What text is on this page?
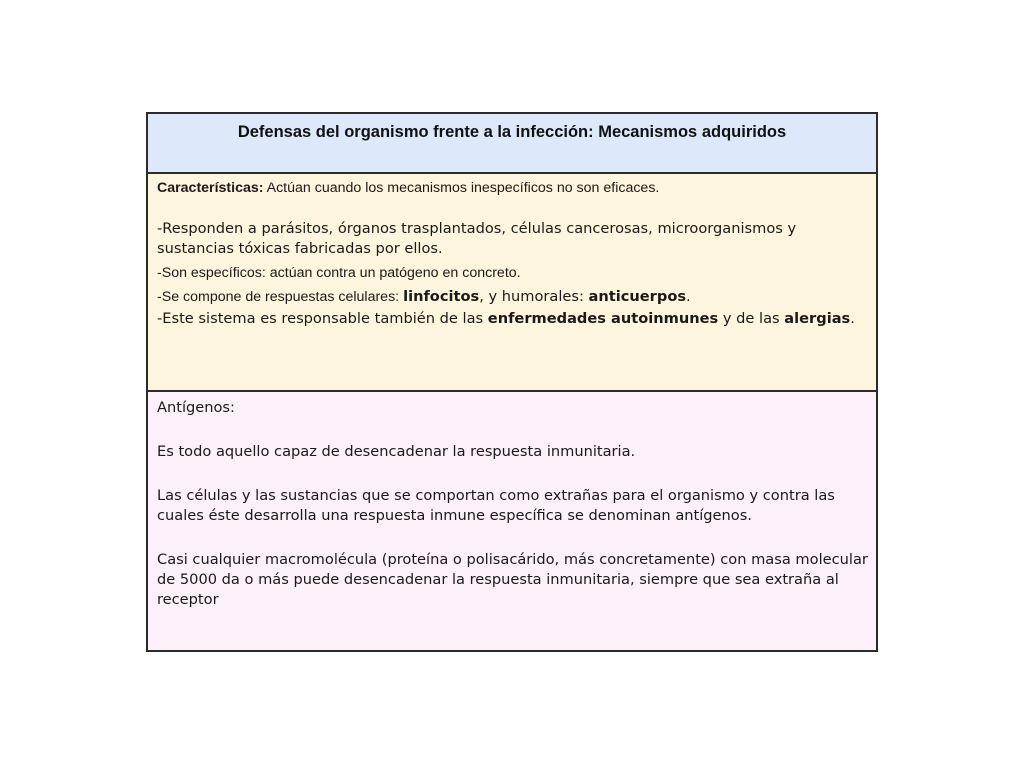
Defensas del organismo frente a la infección: Mecanismos adquiridos

Características: Actúan cuando los mecanismos inespecíficos no son eficaces.

-Responden a parásitos, órganos trasplantados, células cancerosas, microorganismos y sustancias tóxicas fabricadas por ellos.

-Son específicos: actúan contra un patógeno en concreto.

-Se compone de respuestas celulares: linfocitos, y humorales: anticuerpos.

-Este sistema es responsable también de las enfermedades autoinmunes y de las alergias.

Antígenos:

Es todo aquello capaz de desencadenar la respuesta inmunitaria.

Las células y las sustancias que se comportan como extrañas para el organismo y contra las cuales éste desarrolla una respuesta inmune específica se denominan antígenos.

Casi cualquier macromolécula (proteína o polisacárido, más concretamente) con masa molecular de 5000 da o más puede desencadenar la respuesta inmunitaria, siempre que sea extraña al receptor
